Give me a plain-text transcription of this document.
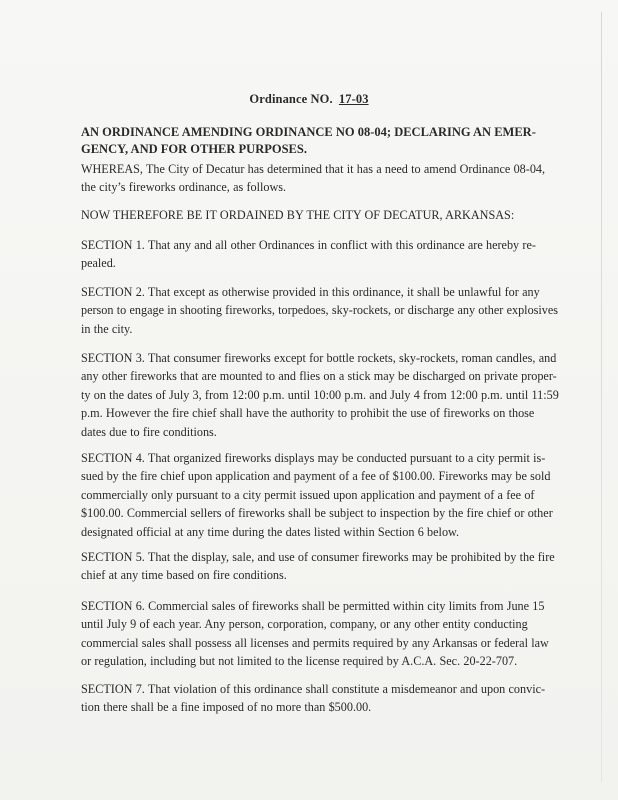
Ordinance NO. 17-03
AN ORDINANCE AMENDING ORDINANCE NO 08-04; DECLARING AN EMER-
GENCY, AND FOR OTHER PURPOSES.
WHEREAS, The City of Decatur has determined that it has a need to amend Ordinance 08-04,
the city’s fireworks ordinance, as follows.
NOW THEREFORE BE IT ORDAINED BY THE CITY OF DECATUR, ARKANSAS:
SECTION 1. That any and all other Ordinances in conflict with this ordinance are hereby re-
pealed.
SECTION 2. That except as otherwise provided in this ordinance, it shall be unlawful for any
person to engage in shooting fireworks, torpedoes, sky-rockets, or discharge any other explosives
in the city.
SECTION 3. That consumer fireworks except for bottle rockets, sky-rockets, roman candles, and
any other fireworks that are mounted to and flies on a stick may be discharged on private proper-
ty on the dates of July 3, from 12:00 p.m. until 10:00 p.m. and July 4 from 12:00 p.m. until 11:59
p.m. However the fire chief shall have the authority to prohibit the use of fireworks on those
dates due to fire conditions.
SECTION 4. That organized fireworks displays may be conducted pursuant to a city permit is-
sued by the fire chief upon application and payment of a fee of $100.00. Fireworks may be sold
commercially only pursuant to a city permit issued upon application and payment of a fee of
$100.00. Commercial sellers of fireworks shall be subject to inspection by the fire chief or other
designated official at any time during the dates listed within Section 6 below.
SECTION 5. That the display, sale, and use of consumer fireworks may be prohibited by the fire
chief at any time based on fire conditions.
SECTION 6. Commercial sales of fireworks shall be permitted within city limits from June 15
until July 9 of each year. Any person, corporation, company, or any other entity conducting
commercial sales shall possess all licenses and permits required by any Arkansas or federal law
or regulation, including but not limited to the license required by A.C.A. Sec. 20-22-707.
SECTION 7. That violation of this ordinance shall constitute a misdemeanor and upon convic-
tion there shall be a fine imposed of no more than $500.00.
